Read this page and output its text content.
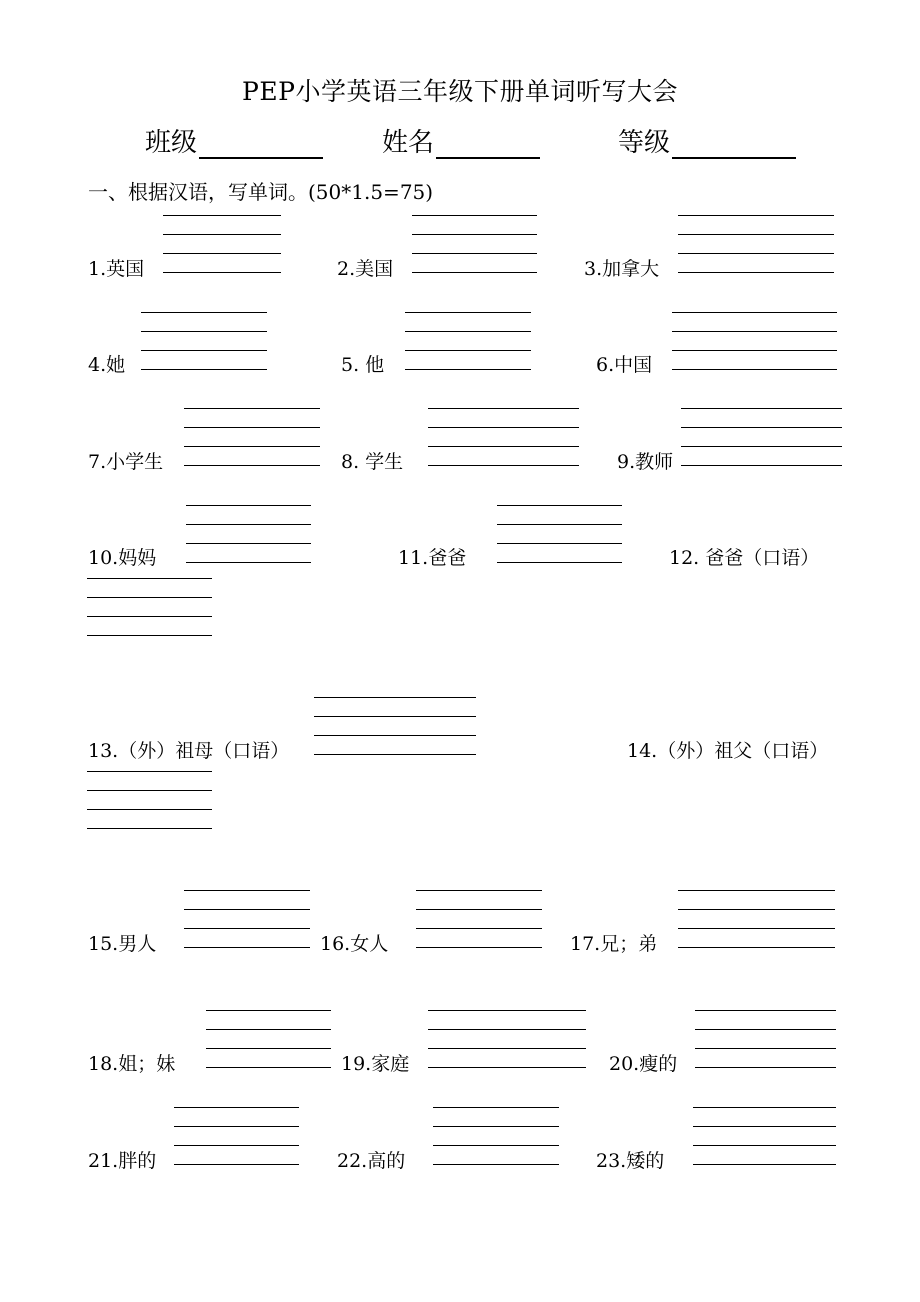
PEP小学英语三年级下册单词听写大会
班级	姓名	等级
一、根据汉语，写单词。(50*1.5=75)
1.英国	2.美国	3.加拿大
4.她	5. 他	6.中国
7.小学生	8. 学生	9.教师
10.妈妈	11.爸爸	12. 爸爸（口语）
13.（外）祖母（口语）	14.（外）祖父（口语）
15.男人	16.女人	17.兄；弟
18.姐；妹	19.家庭	20.瘦的
21.胖的	22.高的	23.矮的
